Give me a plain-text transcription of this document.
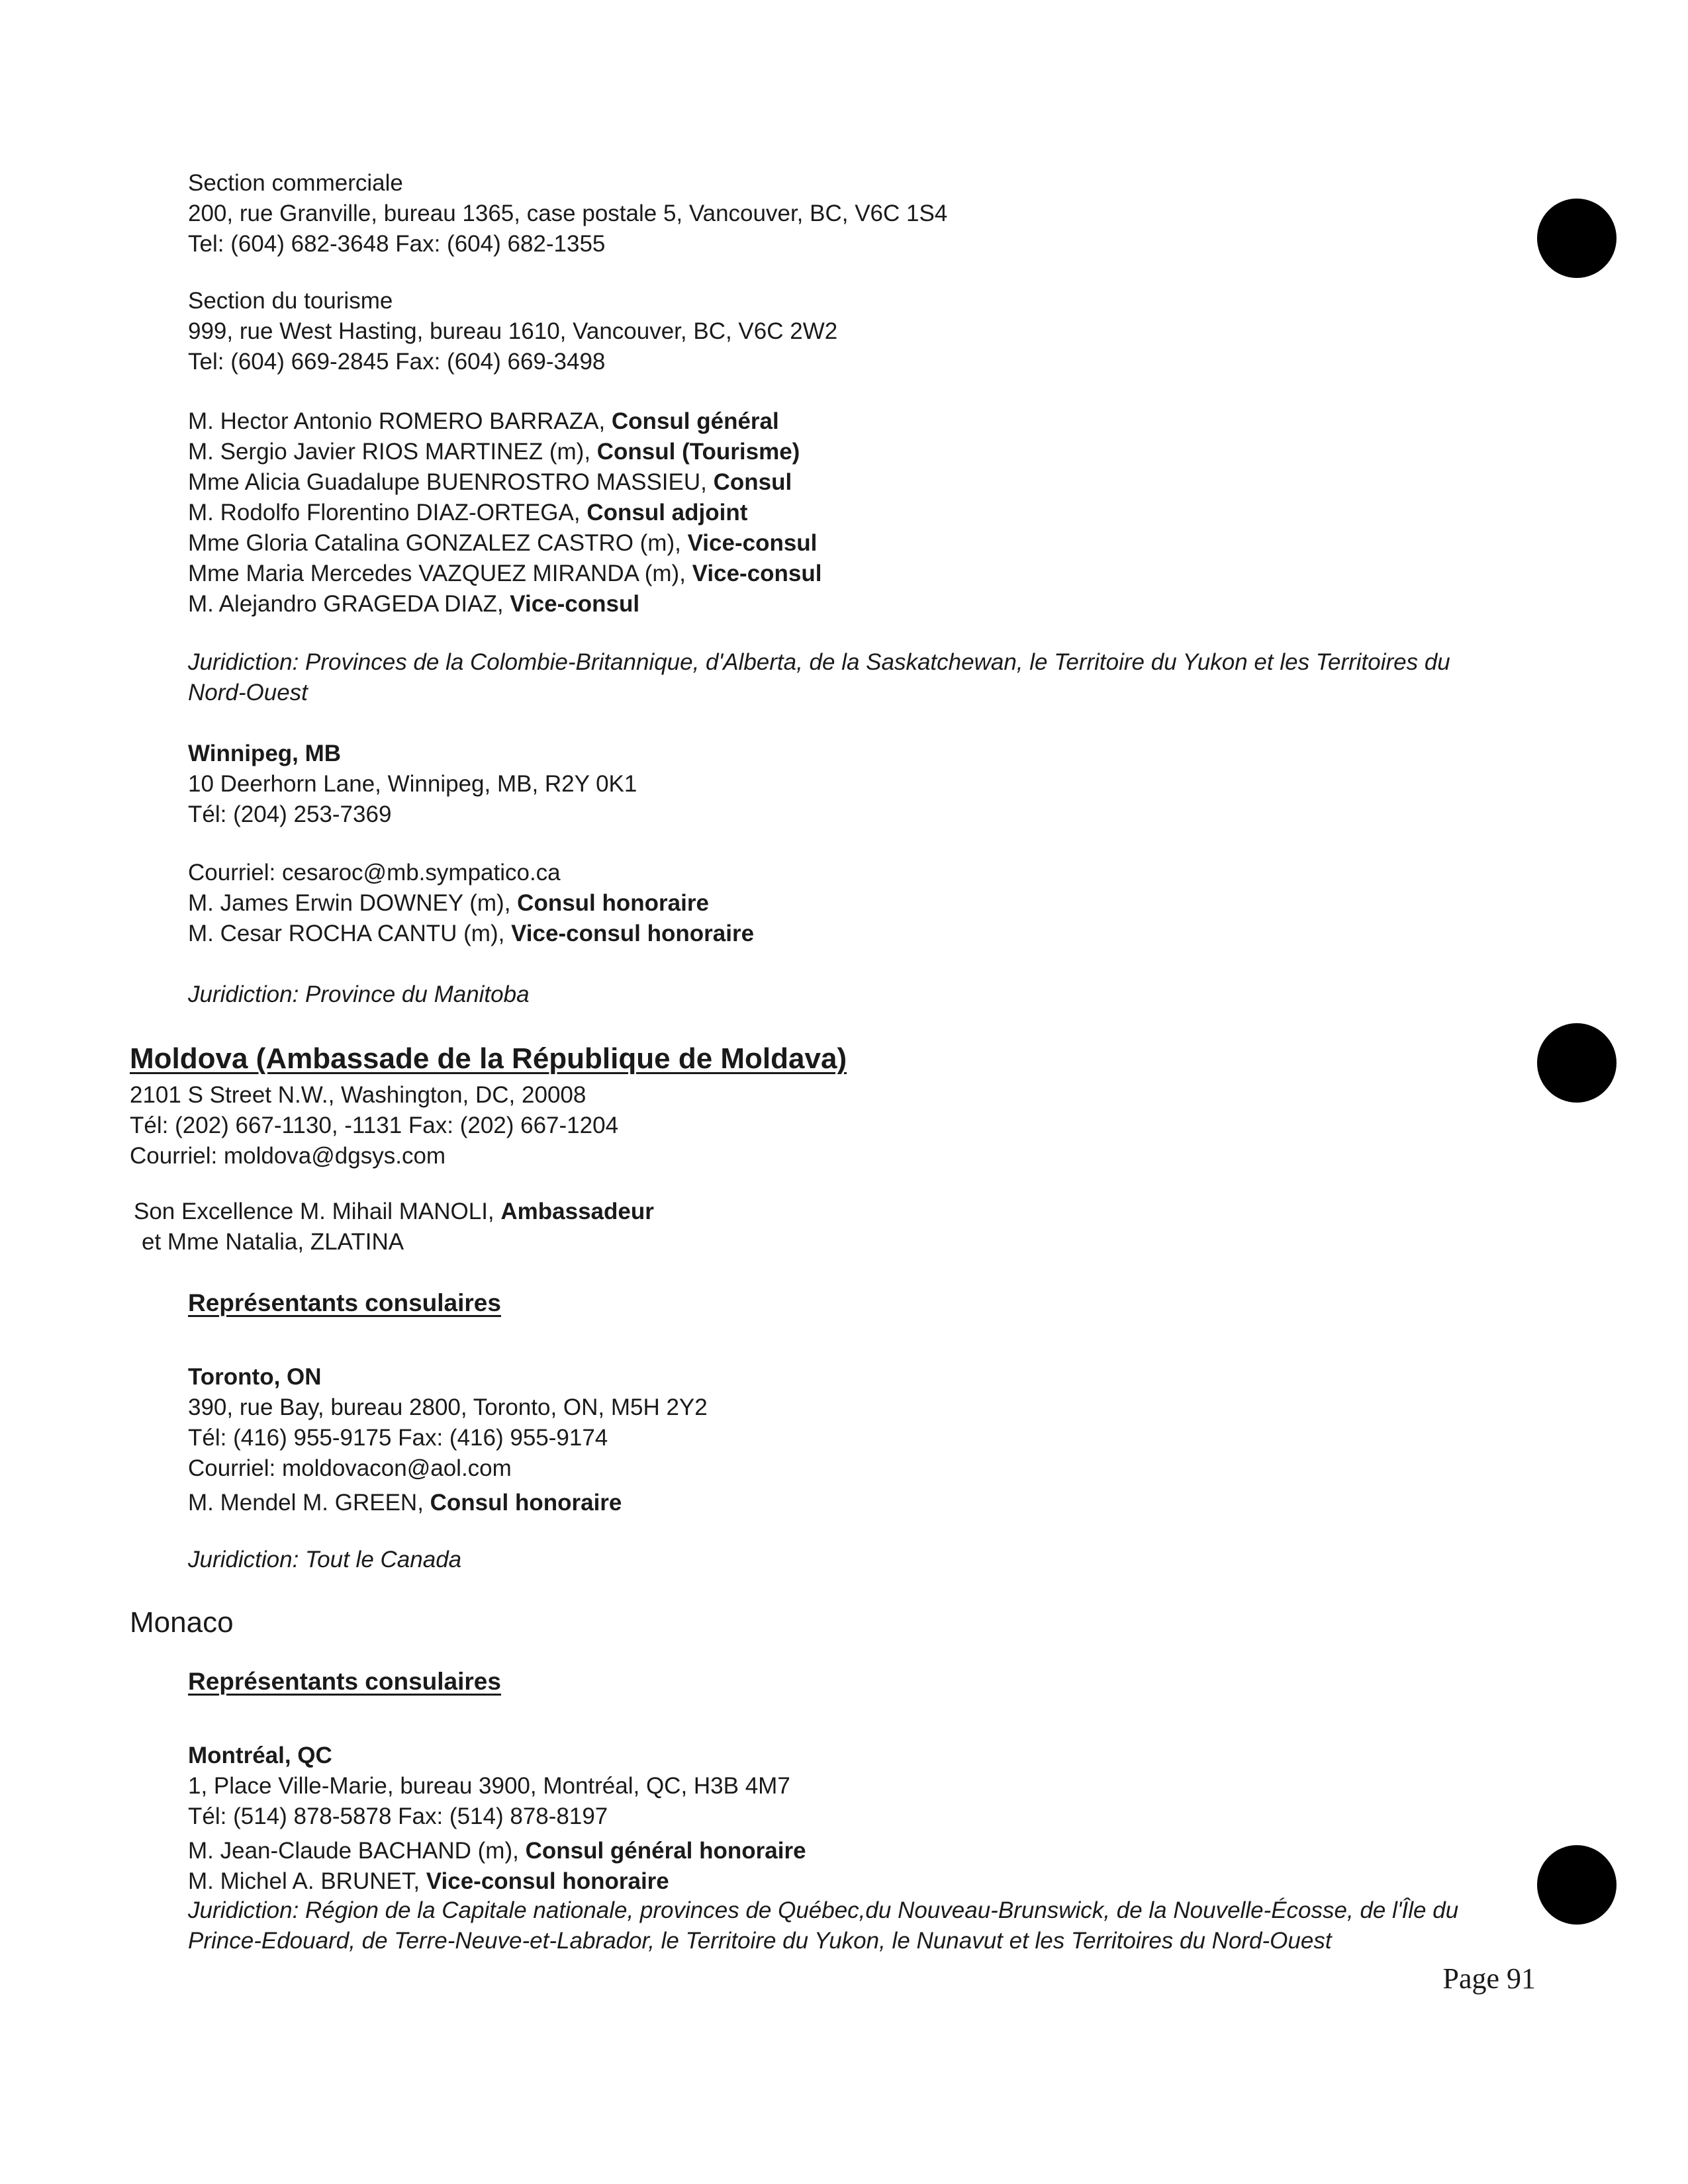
Section commerciale
200, rue Granville, bureau 1365, case postale 5, Vancouver, BC, V6C 1S4
Tel: (604) 682-3648 Fax: (604) 682-1355
Section du tourisme
999, rue West Hasting, bureau 1610, Vancouver, BC, V6C 2W2
Tel: (604) 669-2845 Fax: (604) 669-3498
M. Hector Antonio ROMERO BARRAZA, Consul général
M. Sergio Javier RIOS MARTINEZ (m), Consul (Tourisme)
Mme Alicia Guadalupe BUENROSTRO MASSIEU, Consul
M. Rodolfo Florentino DIAZ-ORTEGA, Consul adjoint
Mme Gloria Catalina GONZALEZ CASTRO (m), Vice-consul
Mme Maria Mercedes VAZQUEZ MIRANDA (m), Vice-consul
M. Alejandro GRAGEDA DIAZ, Vice-consul
Juridiction: Provinces de la Colombie-Britannique, d'Alberta, de la Saskatchewan, le Territoire du Yukon et les Territoires du Nord-Ouest
Winnipeg, MB
10 Deerhorn Lane, Winnipeg, MB, R2Y 0K1
Tél: (204) 253-7369
Courriel: cesaroc@mb.sympatico.ca
M. James Erwin DOWNEY (m), Consul honoraire
M. Cesar ROCHA CANTU (m), Vice-consul honoraire
Juridiction: Province du Manitoba
Moldova (Ambassade de la République de Moldava)
2101 S Street N.W., Washington, DC, 20008
Tél: (202) 667-1130, -1131 Fax: (202) 667-1204
Courriel: moldova@dgsys.com
Son Excellence M. Mihail MANOLI, Ambassadeur
et Mme Natalia, ZLATINA
Représentants consulaires
Toronto, ON
390, rue Bay, bureau 2800, Toronto, ON, M5H 2Y2
Tél: (416) 955-9175 Fax: (416) 955-9174
Courriel: moldovacon@aol.com
M. Mendel M. GREEN, Consul honoraire
Juridiction: Tout le Canada
Monaco
Représentants consulaires
Montréal, QC
1, Place Ville-Marie, bureau 3900, Montréal, QC, H3B 4M7
Tél: (514) 878-5878 Fax: (514) 878-8197
M. Jean-Claude BACHAND (m), Consul général honoraire
M. Michel A. BRUNET, Vice-consul honoraire
Juridiction: Région de la Capitale nationale, provinces de Québec,du Nouveau-Brunswick, de la Nouvelle-Écosse, de l'Île du Prince-Edouard, de Terre-Neuve-et-Labrador, le Territoire du Yukon, le Nunavut et les Territoires du Nord-Ouest
Page 91
